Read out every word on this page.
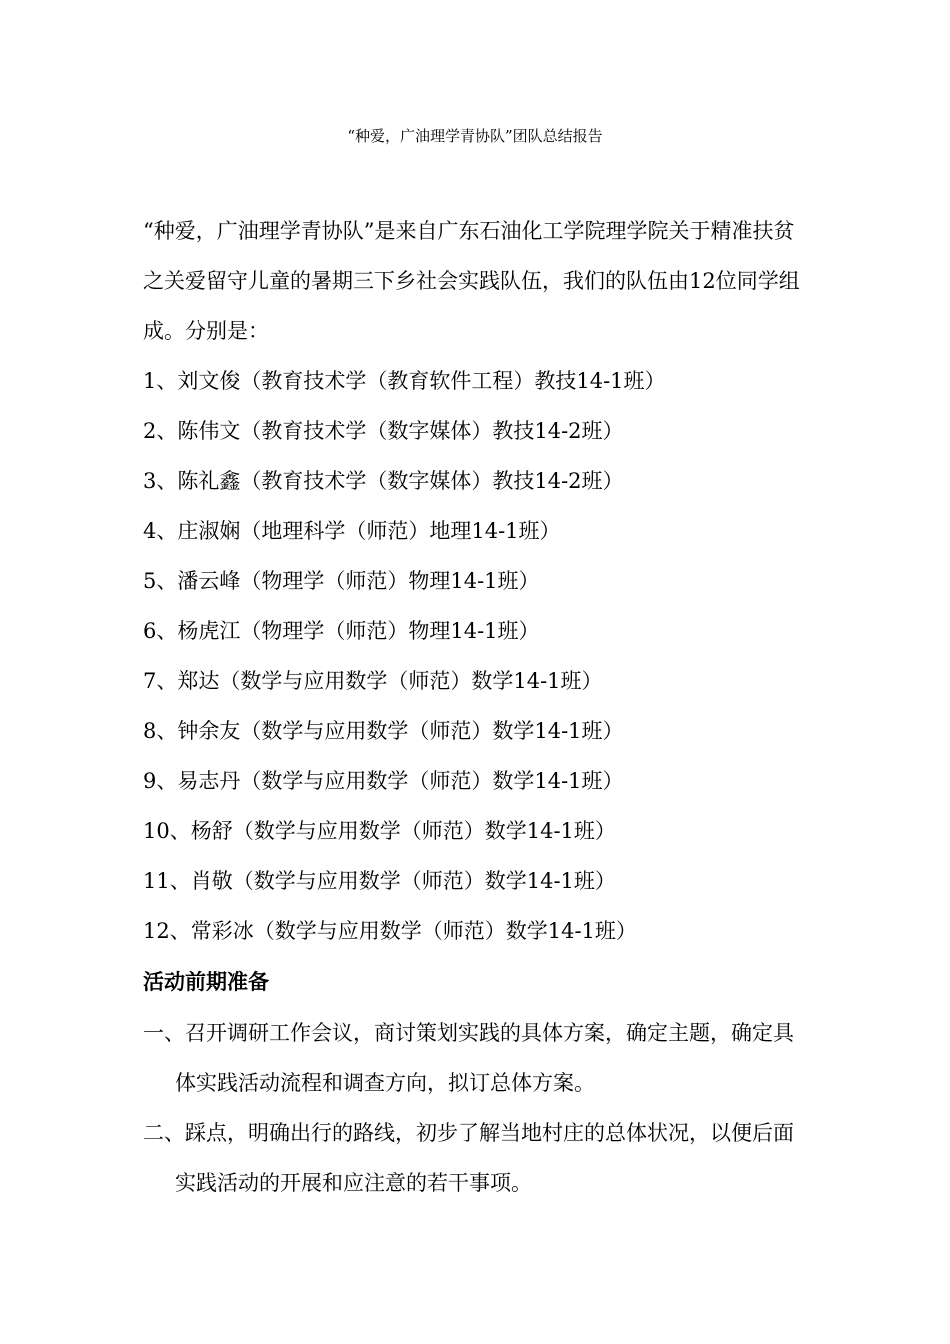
“种爱，广油理学青协队”团队总结报告

“种爱，广油理学青协队”是来自广东石油化工学院理学院关于精准扶贫之关爱留守儿童的暑期三下乡社会实践队伍，我们的队伍由12位同学组成。分别是：

1、刘文俊（教育技术学（教育软件工程）教技14-1班）
2、陈伟文（教育技术学（数字媒体）教技14-2班）
3、陈礼鑫（教育技术学（数字媒体）教技14-2班）
4、庄淑娴（地理科学（师范）地理14-1班）
5、潘云峰（物理学（师范）物理14-1班）
6、杨虎江（物理学（师范）物理14-1班）
7、郑达（数学与应用数学（师范）数学14-1班）
8、钟余友（数学与应用数学（师范）数学14-1班）
9、易志丹（数学与应用数学（师范）数学14-1班）
10、杨舒（数学与应用数学（师范）数学14-1班）
11、肖敬（数学与应用数学（师范）数学14-1班）
12、常彩冰（数学与应用数学（师范）数学14-1班）
活动前期准备
一、召开调研工作会议，商讨策划实践的具体方案，确定主题，确定具体实践活动流程和调查方向，拟订总体方案。
二、踩点，明确出行的路线，初步了解当地村庄的总体状况，以便后面实践活动的开展和应注意的若干事项。
